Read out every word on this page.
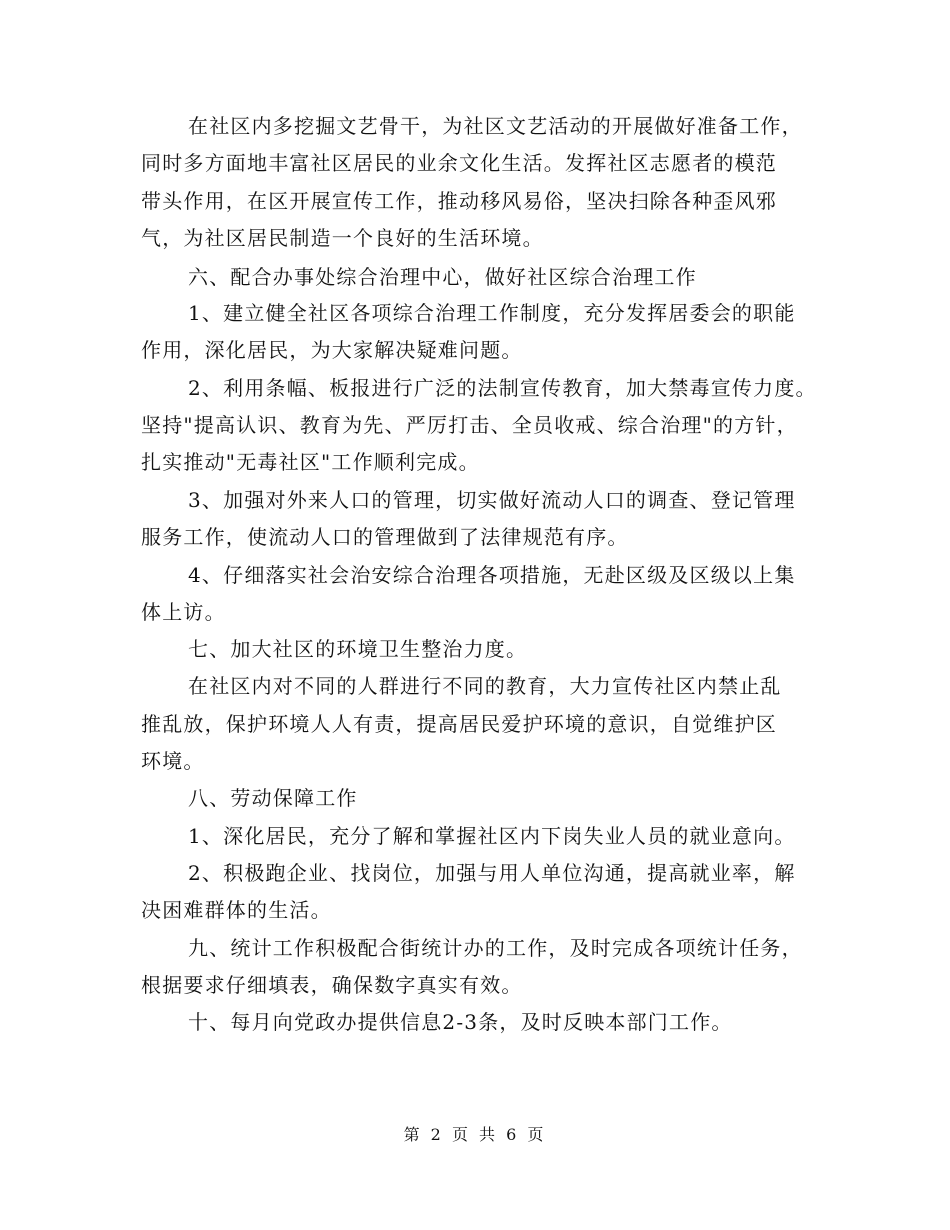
在社区内多挖掘文艺骨干，为社区文艺活动的开展做好准备工作，
同时多方面地丰富社区居民的业余文化生活。发挥社区志愿者的模范
带头作用，在区开展宣传工作，推动移风易俗，坚决扫除各种歪风邪
气，为社区居民制造一个良好的生活环境。
六、配合办事处综合治理中心，做好社区综合治理工作
1、建立健全社区各项综合治理工作制度，充分发挥居委会的职能
作用，深化居民，为大家解决疑难问题。
2、利用条幅、板报进行广泛的法制宣传教育，加大禁毒宣传力度。
坚持"提高认识、教育为先、严厉打击、全员收戒、综合治理"的方针，
扎实推动"无毒社区"工作顺利完成。
3、加强对外来人口的管理，切实做好流动人口的调查、登记管理
服务工作，使流动人口的管理做到了法律规范有序。
4、仔细落实社会治安综合治理各项措施，无赴区级及区级以上集
体上访。
七、加大社区的环境卫生整治力度。
在社区内对不同的人群进行不同的教育，大力宣传社区内禁止乱
推乱放，保护环境人人有责，提高居民爱护环境的意识，自觉维护区
环境。
八、劳动保障工作
1、深化居民，充分了解和掌握社区内下岗失业人员的就业意向。
2、积极跑企业、找岗位，加强与用人单位沟通，提高就业率，解
决困难群体的生活。
九、统计工作积极配合街统计办的工作，及时完成各项统计任务，
根据要求仔细填表，确保数字真实有效。
十、每月向党政办提供信息2-3条，及时反映本部门工作。
第 2 页 共 6 页
